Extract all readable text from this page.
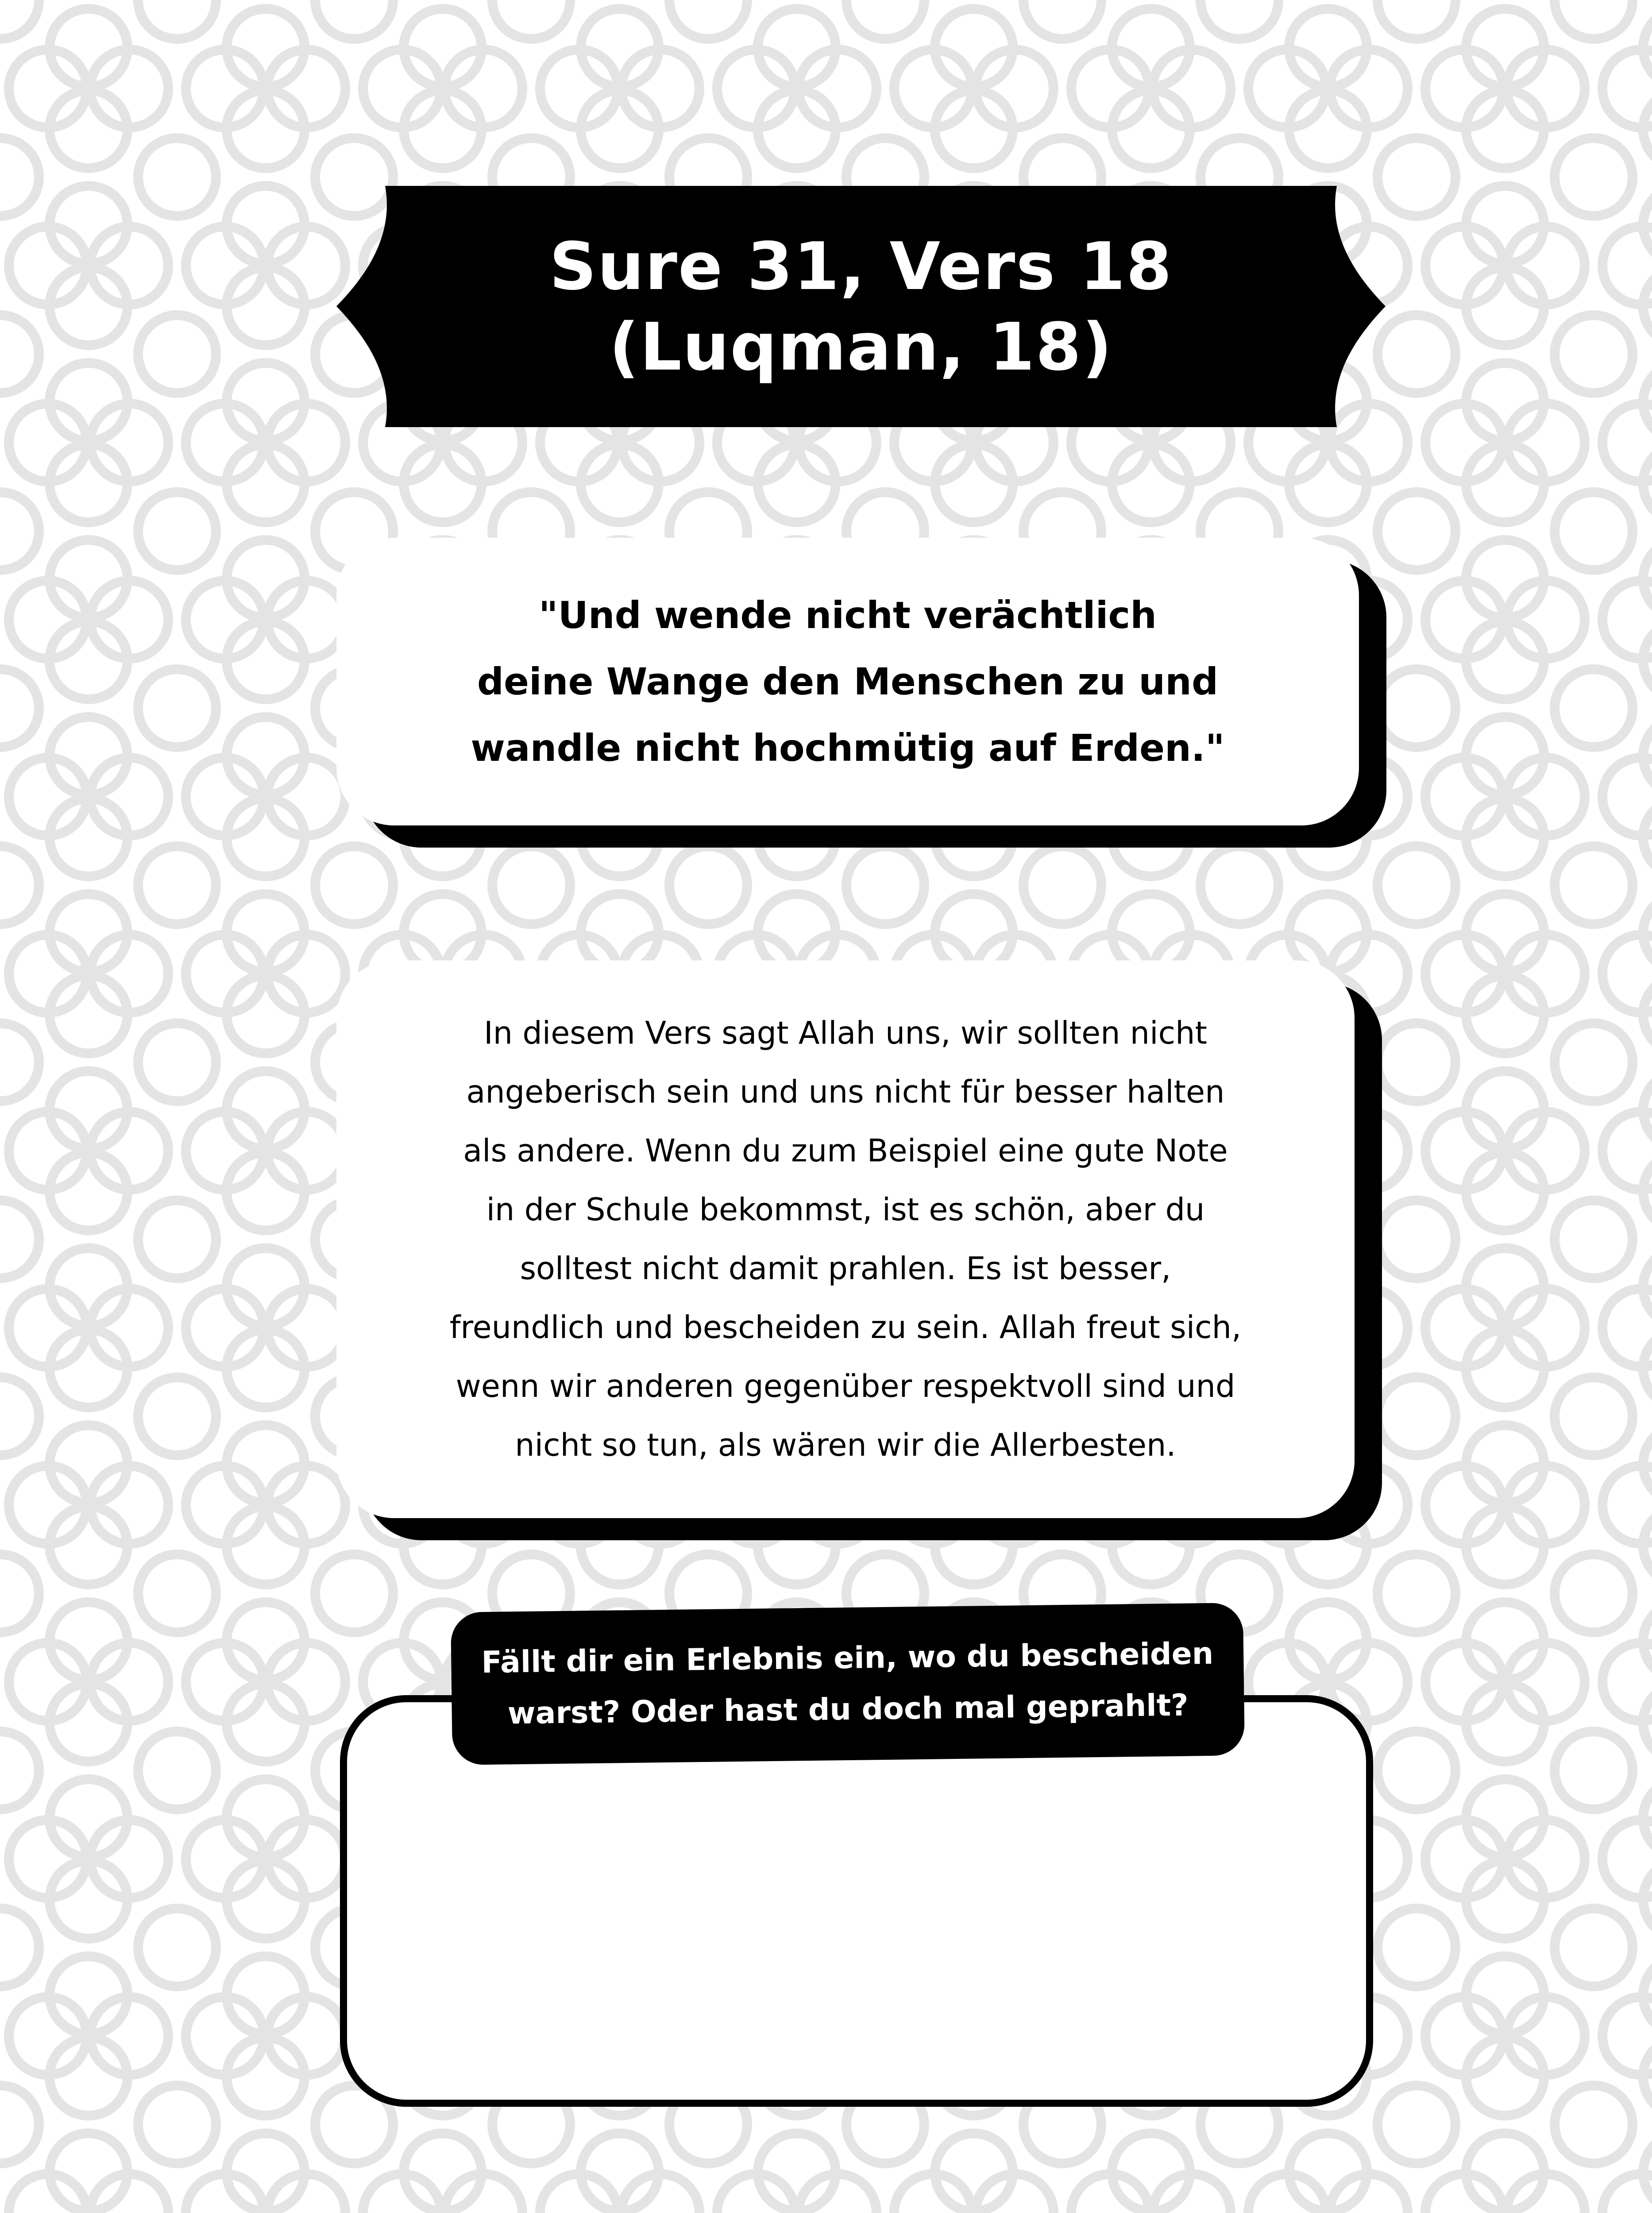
Sure 31, Vers 18
(Luqman, 18)
"Und wende nicht verächtlich
deine Wange den Menschen zu und
wandle nicht hochmütig auf Erden."
In diesem Vers sagt Allah uns, wir sollten nicht
angeberisch sein und uns nicht für besser halten
als andere. Wenn du zum Beispiel eine gute Note
in der Schule bekommst, ist es schön, aber du
solltest nicht damit prahlen. Es ist besser,
freundlich und bescheiden zu sein. Allah freut sich,
wenn wir anderen gegenüber respektvoll sind und
nicht so tun, als wären wir die Allerbesten.
Fällt dir ein Erlebnis ein, wo du bescheiden
warst? Oder hast du doch mal geprahlt?
